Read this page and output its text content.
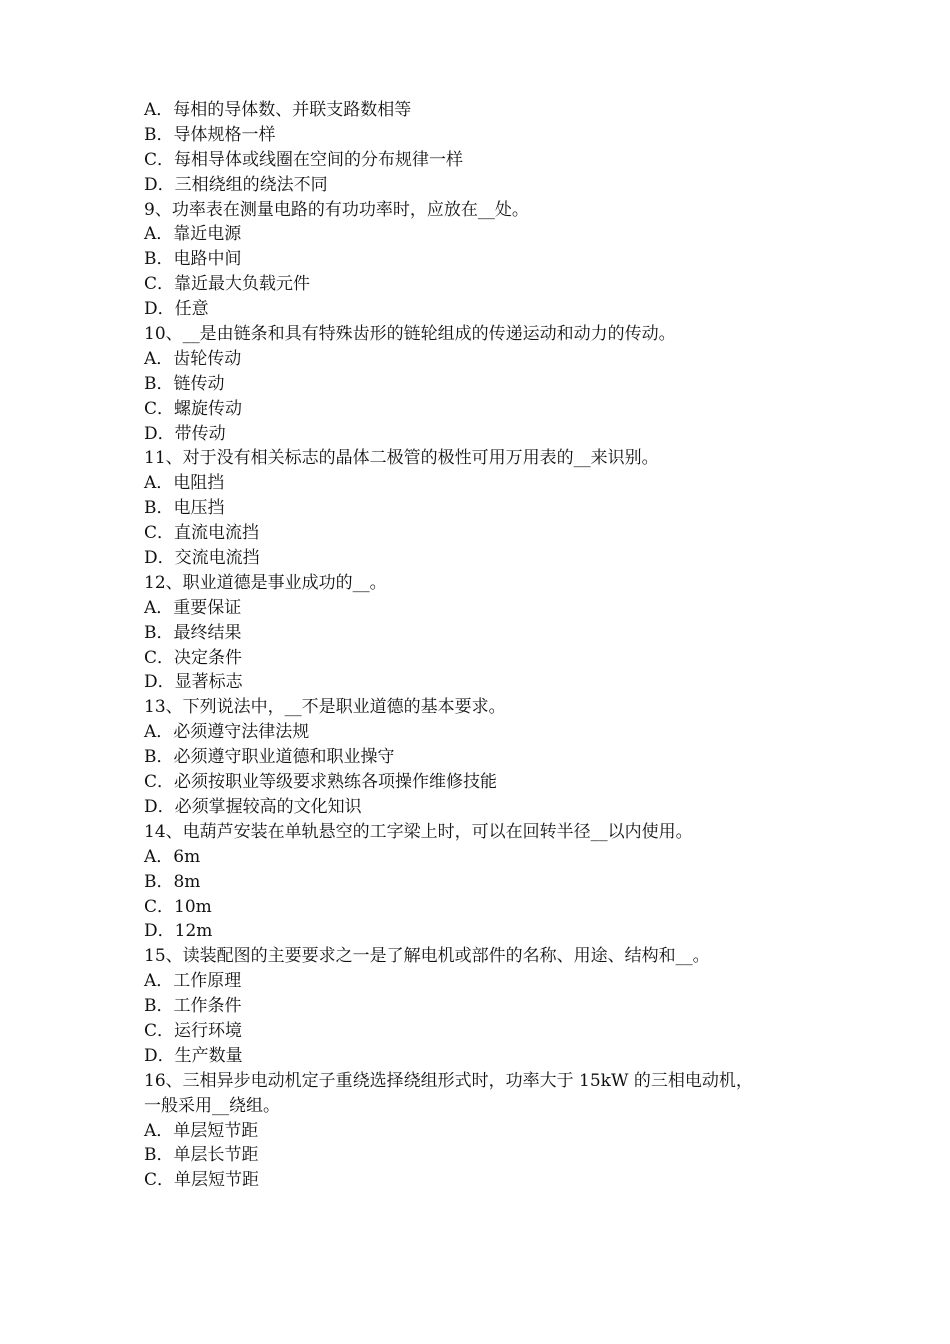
A．每相的导体数、并联支路数相等
B．导体规格一样
C．每相导体或线圈在空间的分布规律一样
D．三相绕组的绕法不同
9、功率表在测量电路的有功功率时，应放在__处。
A．靠近电源
B．电路中间
C．靠近最大负载元件
D．任意
10、__是由链条和具有特殊齿形的链轮组成的传递运动和动力的传动。
A．齿轮传动
B．链传动
C．螺旋传动
D．带传动
11、对于没有相关标志的晶体二极管的极性可用万用表的__来识别。
A．电阻挡
B．电压挡
C．直流电流挡
D．交流电流挡
12、职业道德是事业成功的__。
A．重要保证
B．最终结果
C．决定条件
D．显著标志
13、下列说法中，__不是职业道德的基本要求。
A．必须遵守法律法规
B．必须遵守职业道德和职业操守
C．必须按职业等级要求熟练各项操作维修技能
D．必须掌握较高的文化知识
14、电葫芦安装在单轨悬空的工字梁上时，可以在回转半径__以内使用。
A．6m
B．8m
C．10m
D．12m
15、读装配图的主要要求之一是了解电机或部件的名称、用途、结构和__。
A．工作原理
B．工作条件
C．运行环境
D．生产数量
16、三相异步电动机定子重绕选择绕组形式时，功率大于 15kW 的三相电动机，
一般采用__绕组。
A．单层短节距
B．单层长节距
C．单层短节距
